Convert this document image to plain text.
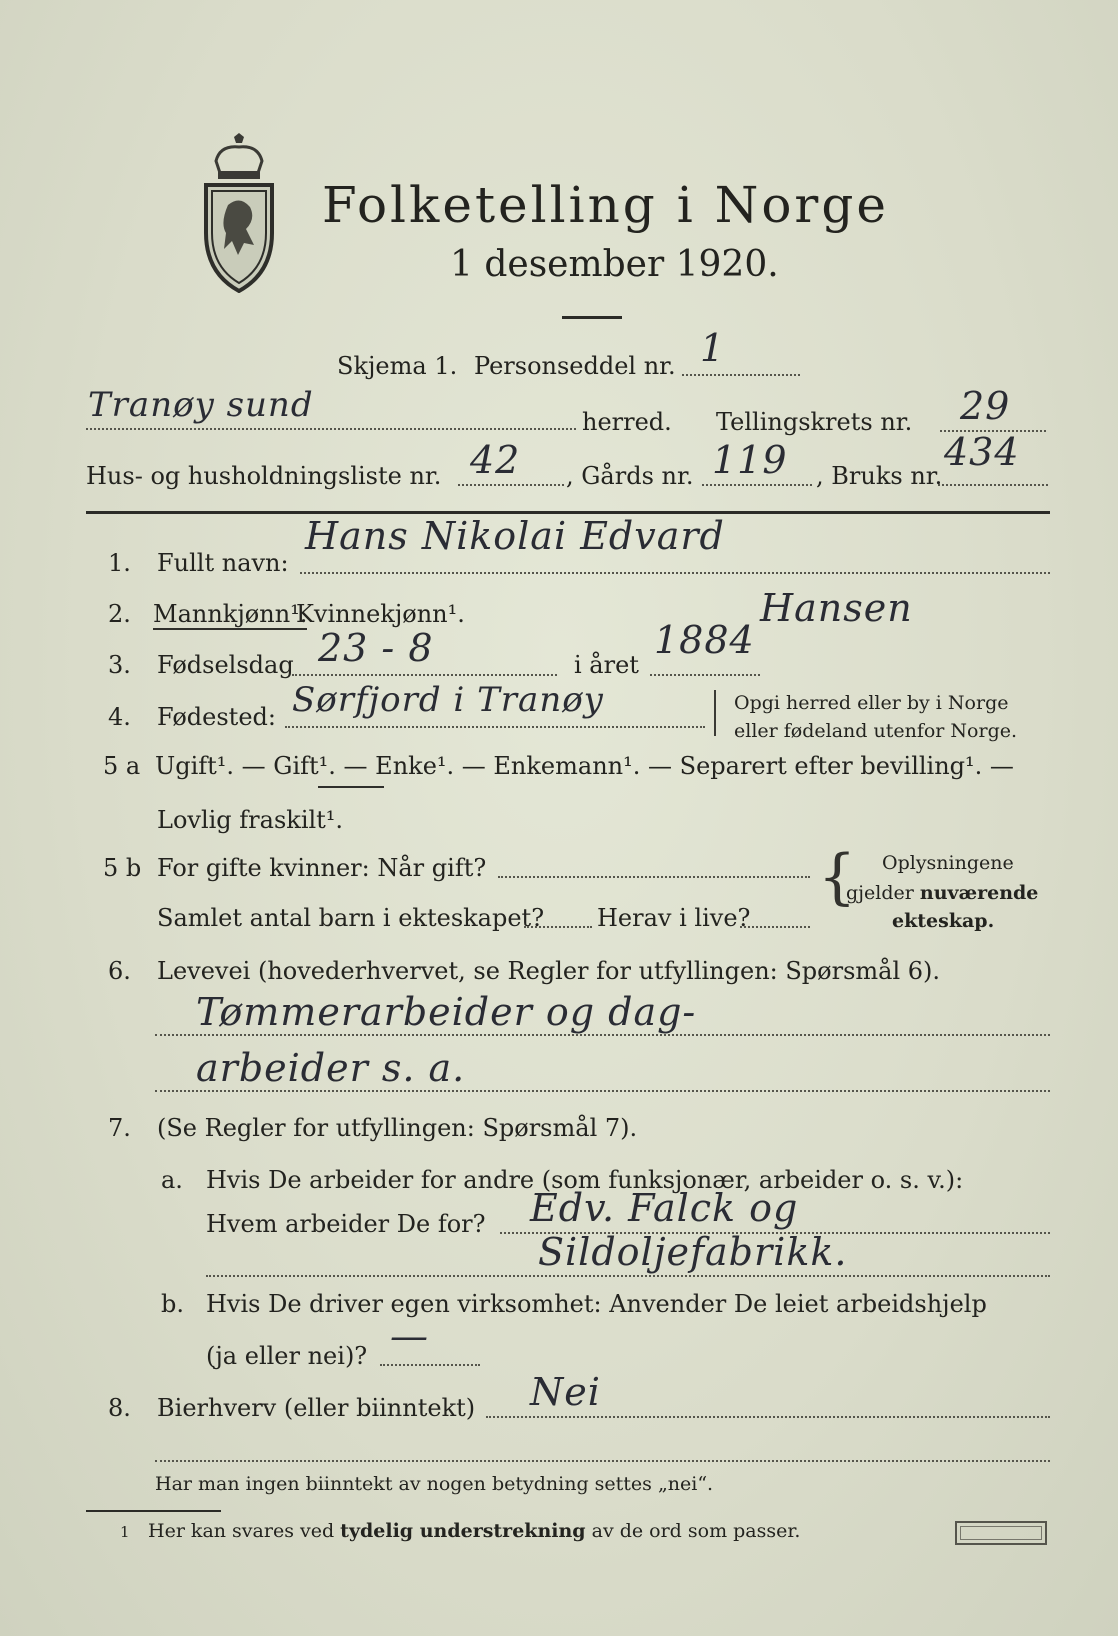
Folketelling i Norge
1 desember 1920.
Skjema 1. Personseddel nr. 1
Tranøy sund	herred. Tellingskrets nr. 29
Hus- og husholdningsliste nr. 42 , Gårds nr. 119 , Bruks nr.
434
1. Fullt navn:
Hans Nikolai Edvard
Hansen
2. Mannkjønn¹.
Kvinnekjønn¹.
3. Fødselsdag 23 - 8	i året
1884
4. Fødested: Sørfjord i Tranøy	Opgi herred eller by i Norge
eller fødeland utenfor Norge.
5 a Ugift¹. — Gift¹. — Enke¹. — Enkemann¹. — Separert efter bevilling¹. —
Lovlig fraskilt¹.
5 b For gifte kvinner: Når gift?
Samlet antal barn i ekteskapet? Herav i live?
{ Oplysningene
gjelder nuværende
ekteskap.
6. Levevei (hovederhvervet, se Regler for utfyllingen: Spørsmål 6).
Tømmerarbeider og dag-
arbeider s. a.
7. (Se Regler for utfyllingen: Spørsmål 7).
a. Hvis De arbeider for andre (som funksjonær, arbeider o. s. v.):
Hvem arbeider De for? Edv. Falck og
Sildoljefabrikk.
b. Hvis De driver egen virksomhet: Anvender De leiet arbeidshjelp
(ja eller nei)? —
8. Bierhverv (eller biinntekt) Nei
Har man ingen biinntekt av nogen betydning settes „nei“.
1 Her kan svares ved tydelig understrekning av de ord som passer.
